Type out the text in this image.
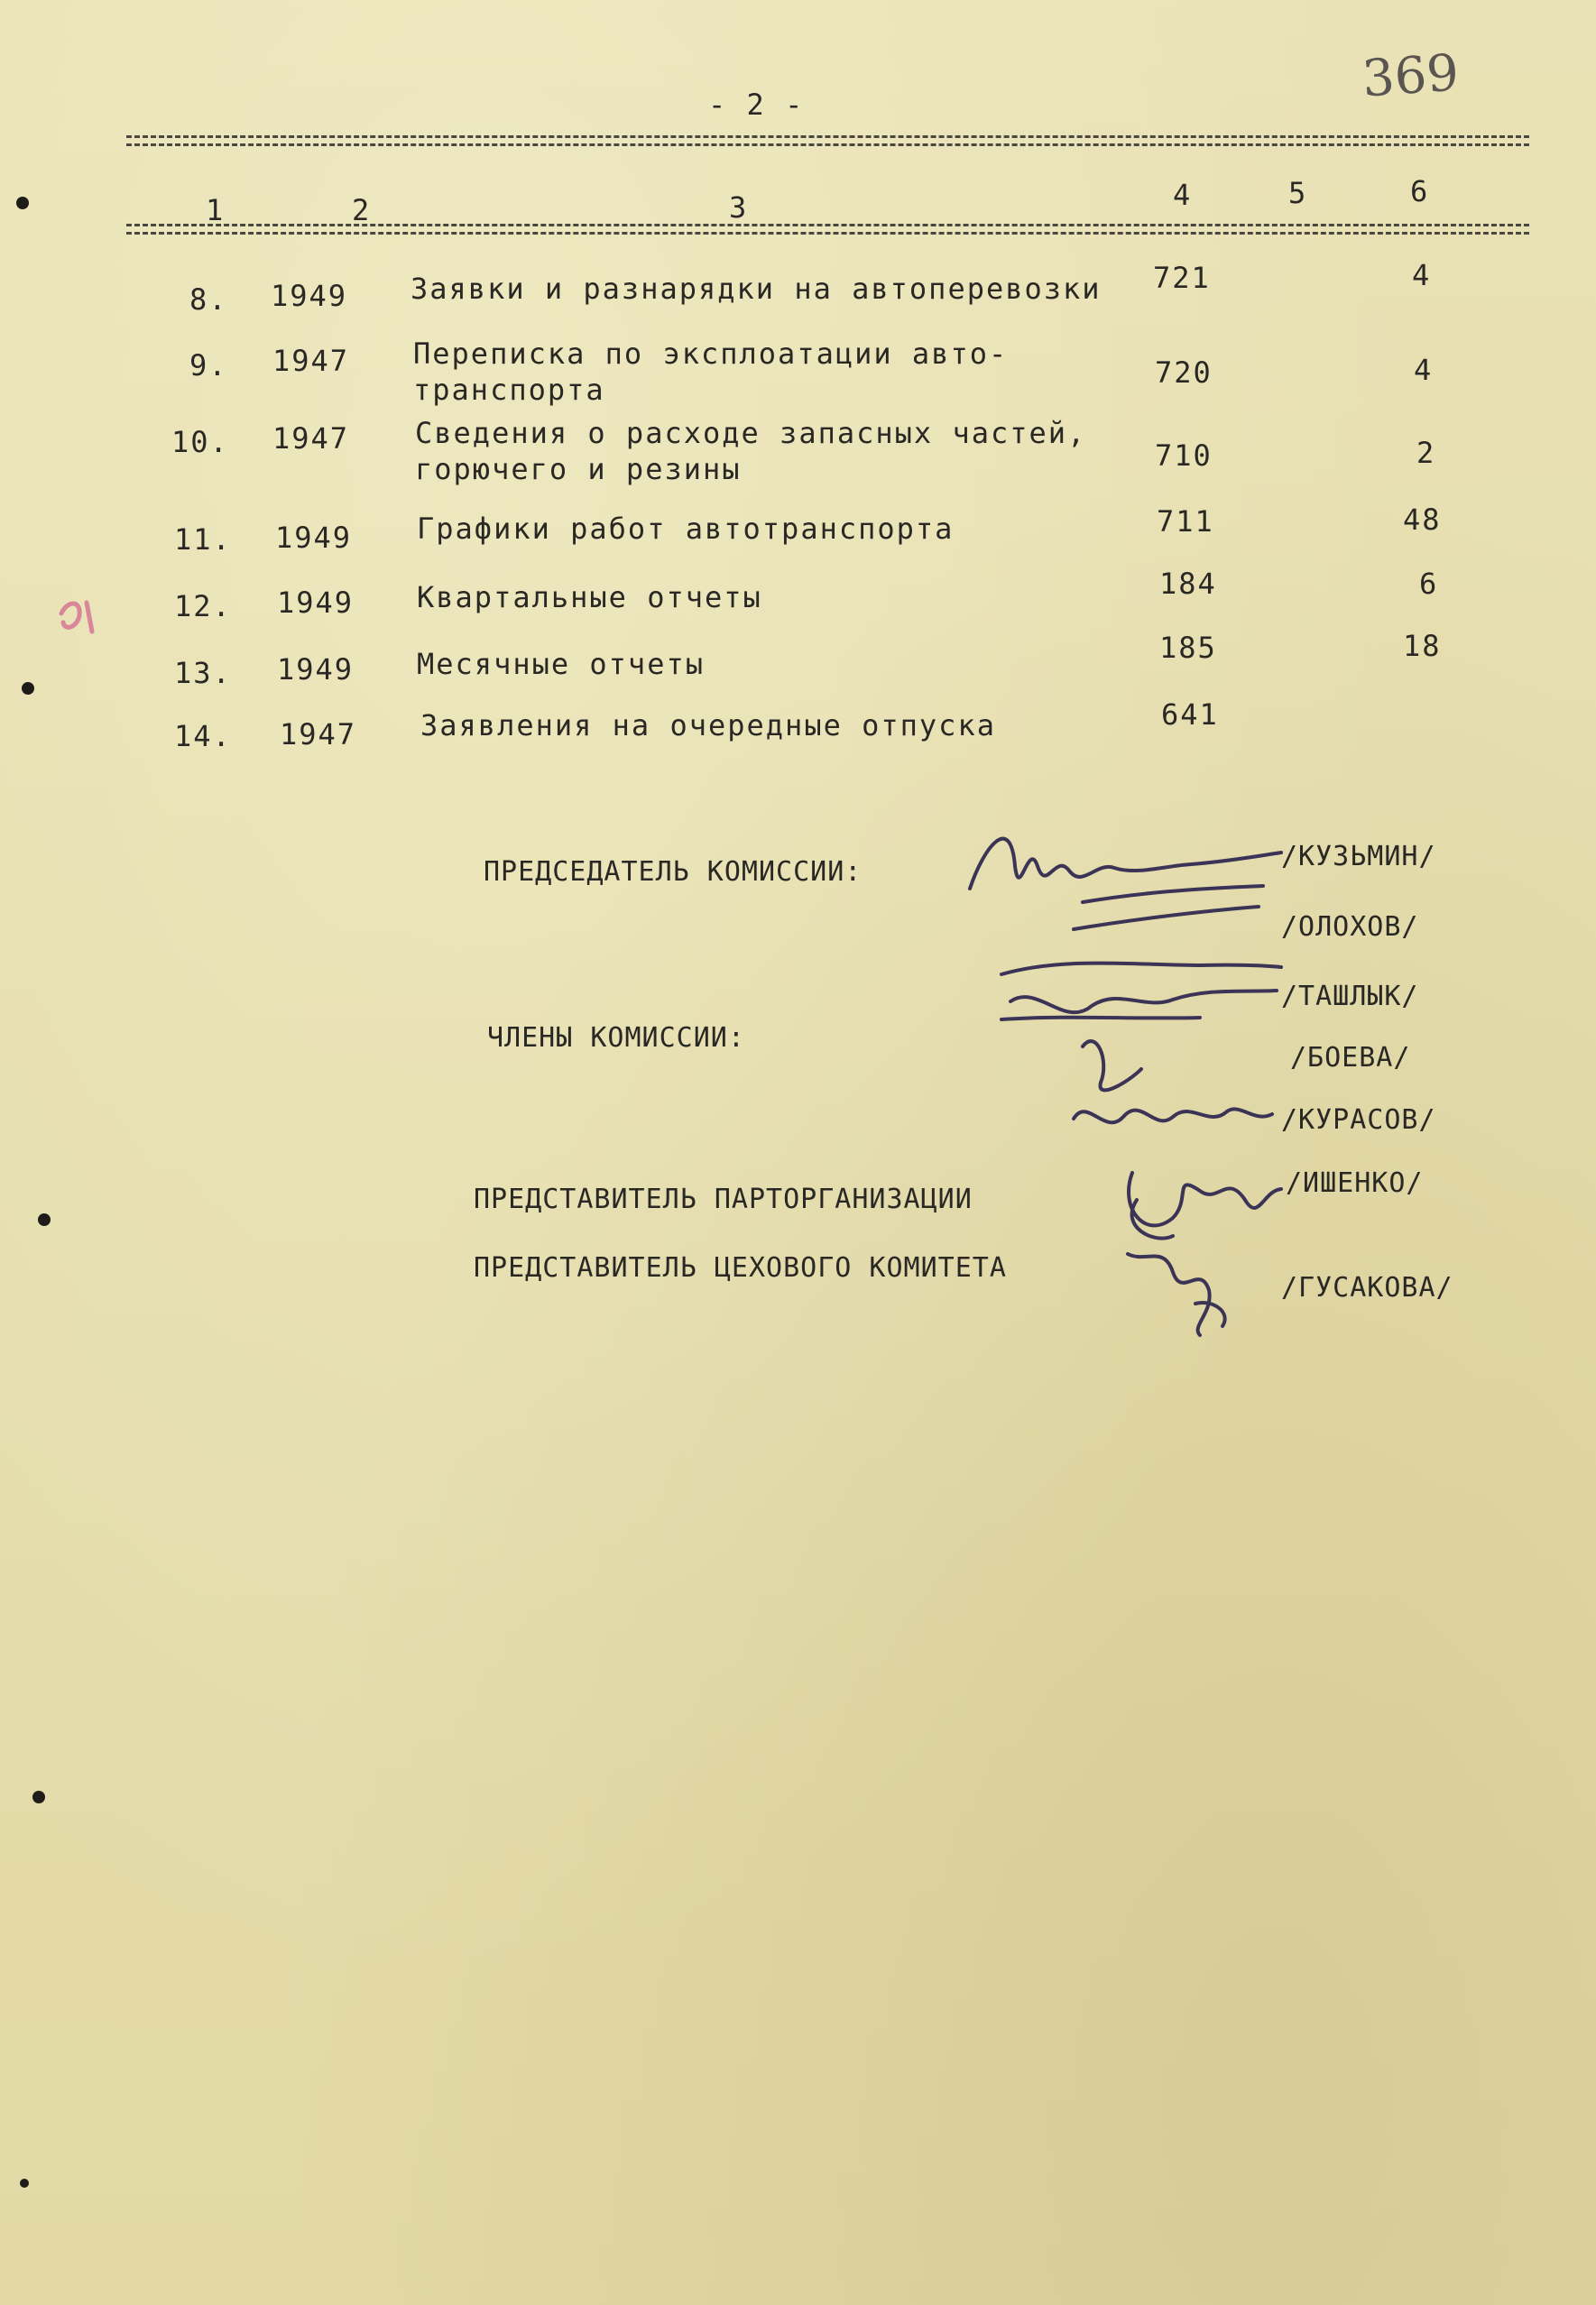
369
- 2 -
1	2	3	4	5	6
8. 1949 Заявки и разнарядки на автоперевозки 721	4
9. 1947 Переписка по эксплоатации авто-
транспорта	720	4
10. 1947 Сведения о расходе запасных частей,
горючего и резины	710	2
11. 1949 Графики работ автотранспорта	711	48
12. 1949 Квартальные отчеты	184	6
13. 1949 Месячные отчеты	185	18
14. 1947 Заявления на очередные отпуска	641
ПРЕДСЕДАТЕЛЬ КОМИССИИ:	/КУЗЬМИН/
ЧЛЕНЫ КОМИССИИ:
/ОЛОХОВ/
/ТАШЛЫК/
/БОЕВА/
/КУРАСОВ/
ПРЕДСТАВИТЕЛЬ ПАРТОРГАНИЗАЦИИ
/ИШЕНКО/
ПРЕДСТАВИТЕЛЬ ЦЕХОВОГО КОМИТЕТА
/ГУСАКОВА/
